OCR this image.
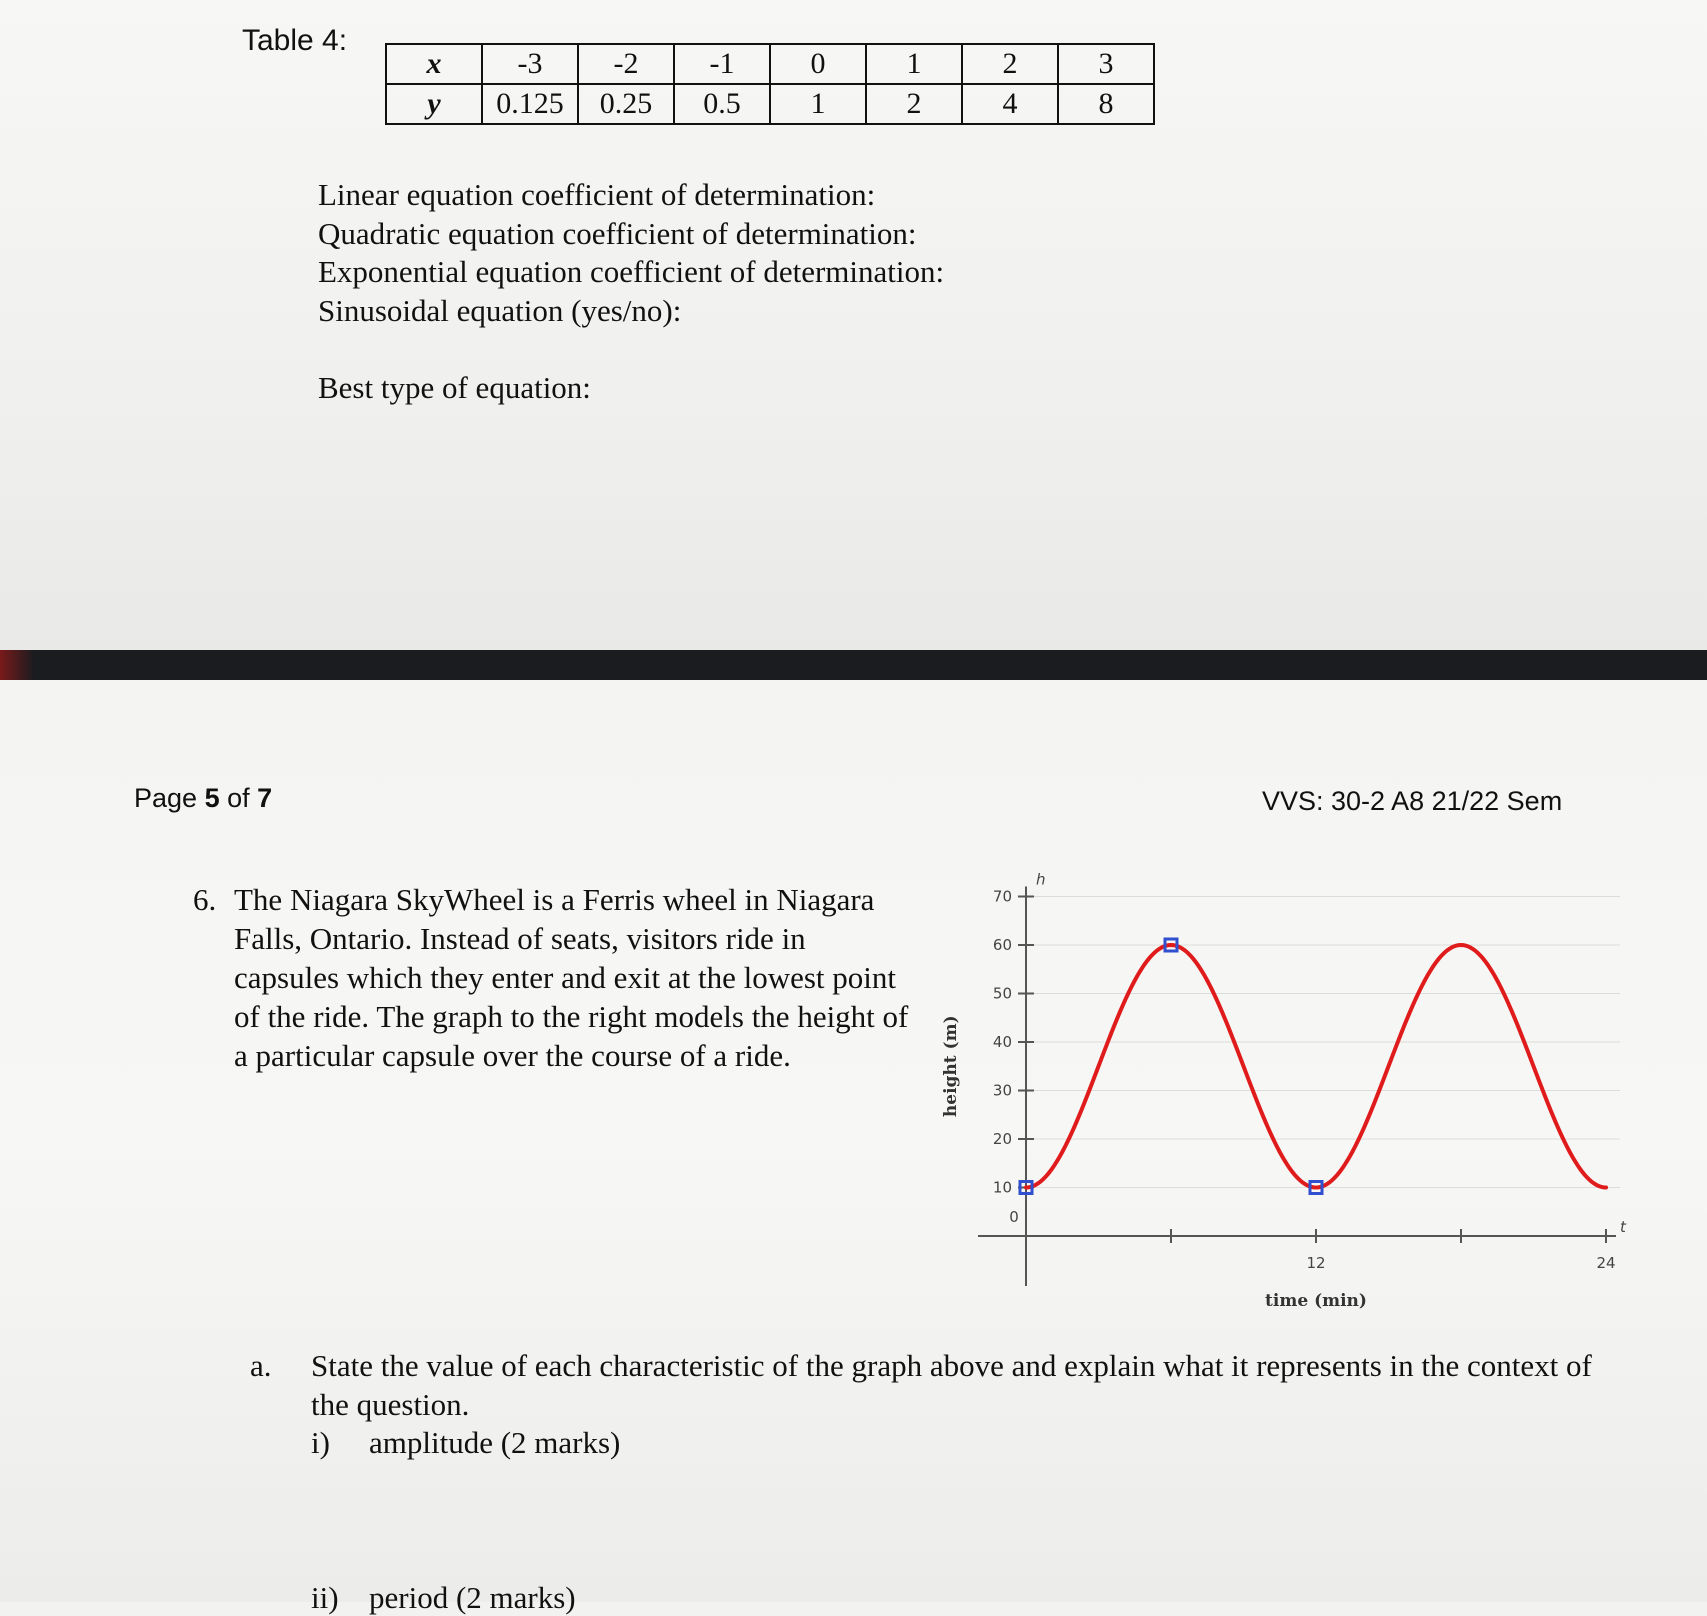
Table 4:
x	-3	-2	-1	0	1	2	3
y	0.125	0.25	0.5	1	2	4	8
Linear equation coefficient of determination:
Quadratic equation coefficient of determination:
Exponential equation coefficient of determination:
Sinusoidal equation (yes/no):
Best type of equation:
Page 5 of 7	VVS: 30-2 A8 21/22 Sem
6. The Niagara SkyWheel is a Ferris wheel in Niagara Falls, Ontario. Instead of seats, visitors ride in capsules which they enter and exit at the lowest point of the ride. The graph to the right models the height of a particular capsule over the course of a ride.
10
20
30
40
50
60
70
12	24
0
h
t
time (min)
height (m)
a. State the value of each characteristic of the graph above and explain what it represents in the context of the question.
i) amplitude (2 marks)
ii) period (2 marks)
